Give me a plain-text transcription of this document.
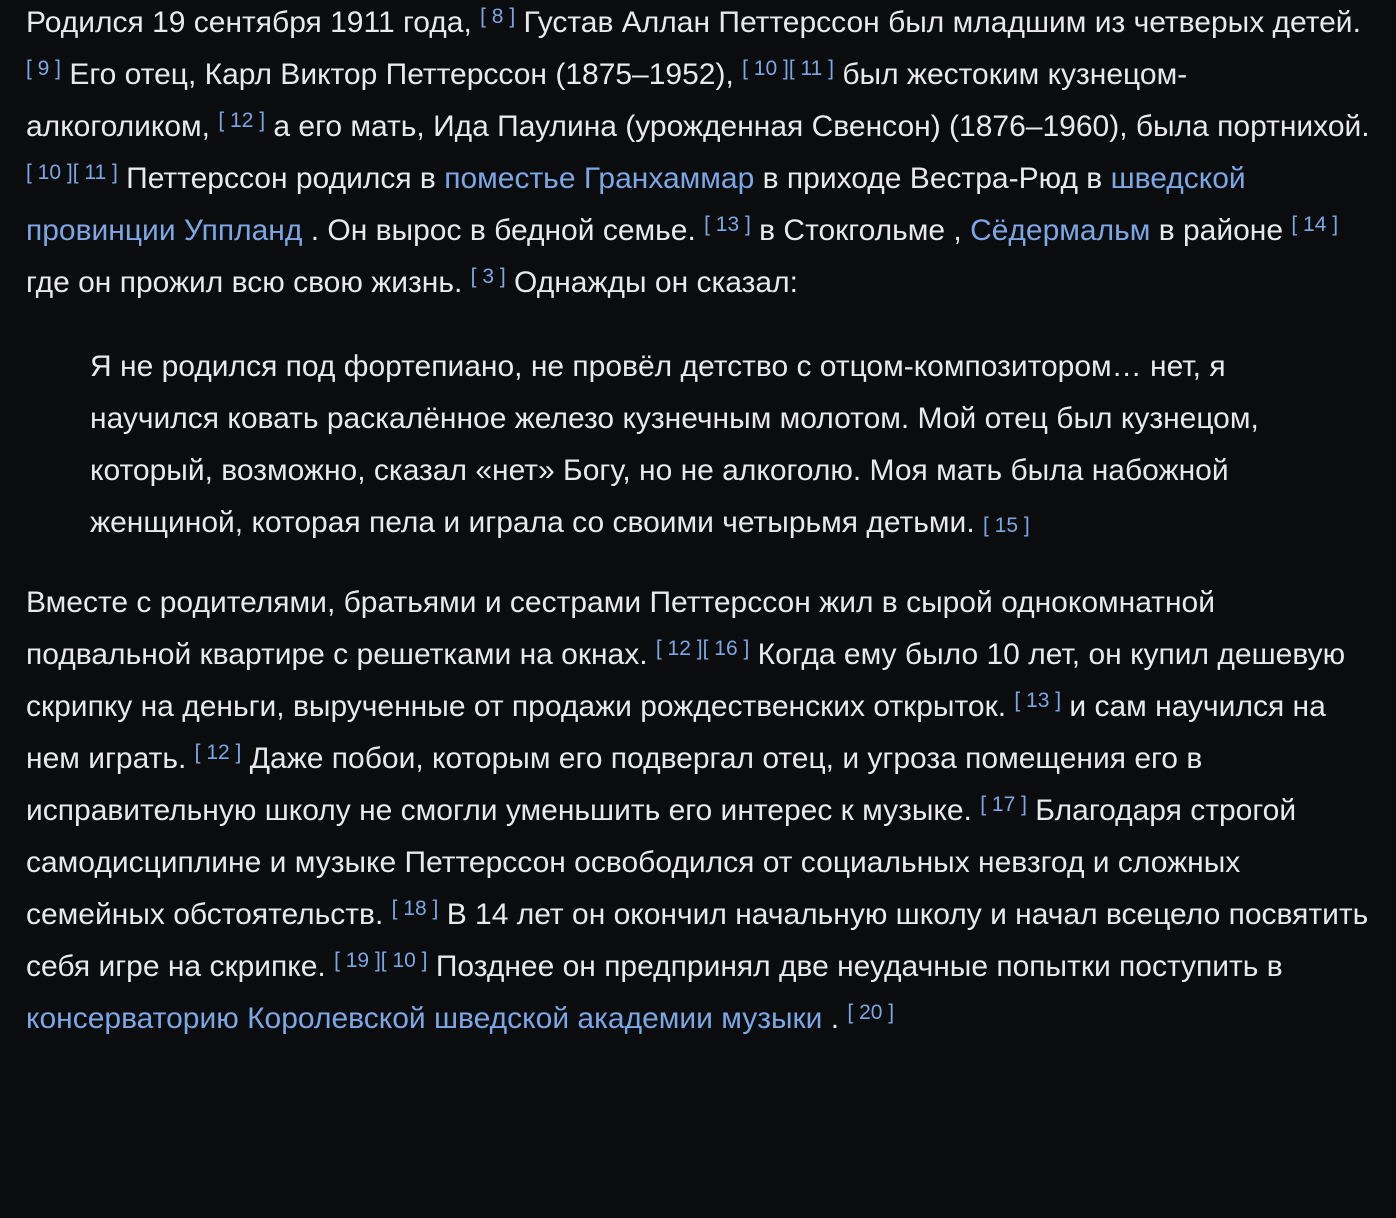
Родился 19 сентября 1911 года, [ 8 ] Густав Аллан Петтерссон был младшим из четверых детей. [ 9 ] Его отец, Карл Виктор Петтерссон (1875–1952), [ 10 ][ 11 ] был жестоким кузнецом-алкоголиком, [ 12 ] а его мать, Ида Паулина (урожденная Свенсон) (1876–1960), была портнихой. [ 10 ][ 11 ] Петтерссон родился в поместье Гранхаммар в приходе Вестра-Рюд в шведской провинции Уппланд . Он вырос в бедной семье. [ 13 ] в Стокгольме , Сёдермальм в районе [ 14 ] где он прожил всю свою жизнь. [ 3 ] Однажды он сказал:

Я не родился под фортепиано, не провёл детство с отцом-композитором… нет, я научился ковать раскалённое железо кузнечным молотом. Мой отец был кузнецом, который, возможно, сказал «нет» Богу, но не алкоголю. Моя мать была набожной женщиной, которая пела и играла со своими четырьмя детьми. [ 15 ]

Вместе с родителями, братьями и сестрами Петтерссон жил в сырой однокомнатной подвальной квартире с решетками на окнах. [ 12 ][ 16 ] Когда ему было 10 лет, он купил дешевую скрипку на деньги, вырученные от продажи рождественских открыток. [ 13 ] и сам научился на нем играть. [ 12 ] Даже побои, которым его подвергал отец, и угроза помещения его в исправительную школу не смогли уменьшить его интерес к музыке. [ 17 ] Благодаря строгой самодисциплине и музыке Петтерссон освободился от социальных невзгод и сложных семейных обстоятельств. [ 18 ] В 14 лет он окончил начальную школу и начал всецело посвятить себя игре на скрипке. [ 19 ][ 10 ] Позднее он предпринял две неудачные попытки поступить в консерваторию Королевской шведской академии музыки . [ 20 ]
